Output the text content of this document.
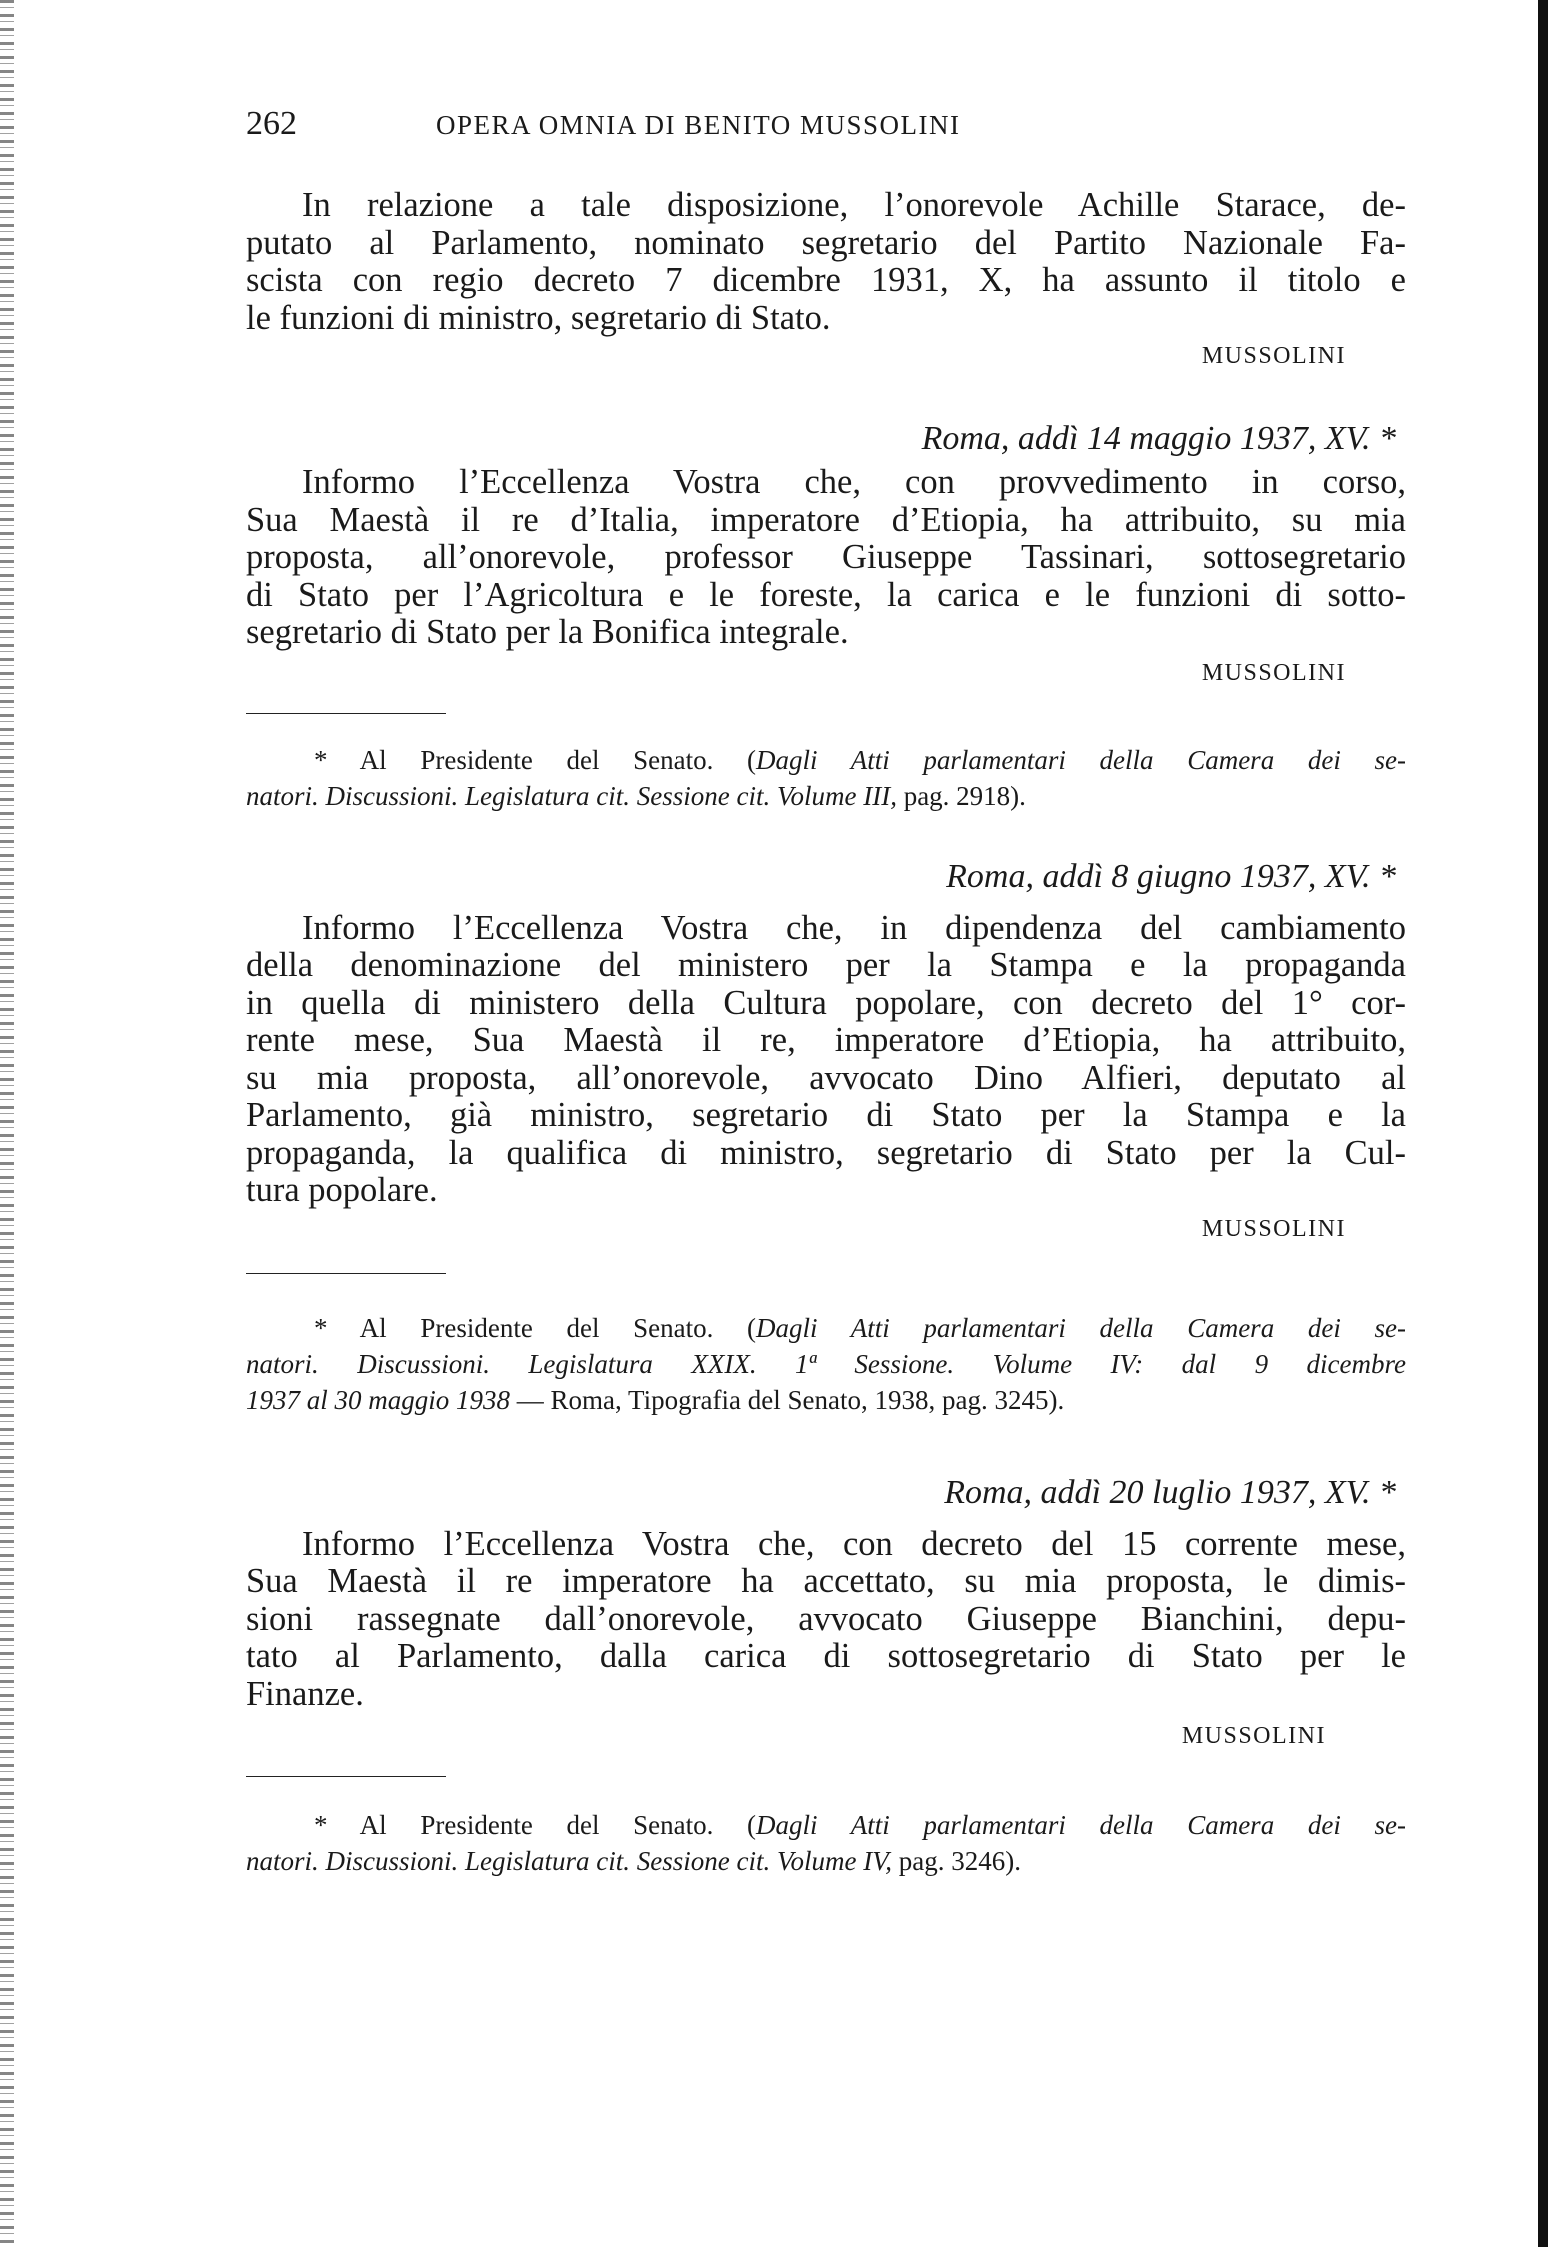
262	OPERA OMNIA DI BENITO MUSSOLINI

In relazione a tale disposizione, l’onorevole Achille Starace, de-
putato al Parlamento, nominato segretario del Partito Nazionale Fa-
scista con regio decreto 7 dicembre 1931, X, ha assunto il titolo e
le funzioni di ministro, segretario di Stato.

MUSSOLINI
Roma, addì 14 maggio 1937, XV. *

Informo l’Eccellenza Vostra che, con provvedimento in corso,
Sua Maestà il re d’Italia, imperatore d’Etiopia, ha attribuito, su mia
proposta, all’onorevole, professor Giuseppe Tassinari, sottosegretario
di Stato per l’Agricoltura e le foreste, la carica e le funzioni di sotto-
segretario di Stato per la Bonifica integrale.

MUSSOLINI

* Al Presidente del Senato. (Dagli Atti parlamentari della Camera dei se-
natori. Discussioni. Legislatura cit. Sessione cit. Volume III, pag. 2918).

Roma, addì 8 giugno 1937, XV. *

Informo l’Eccellenza Vostra che, in dipendenza del cambiamento
della denominazione del ministero per la Stampa e la propaganda
in quella di ministero della Cultura popolare, con decreto del 1° cor-
rente mese, Sua Maestà il re, imperatore d’Etiopia, ha attribuito,
su mia proposta, all’onorevole, avvocato Dino Alfieri, deputato al
Parlamento, già ministro, segretario di Stato per la Stampa e la
propaganda, la qualifica di ministro, segretario di Stato per la Cul-
tura popolare.

MUSSOLINI

* Al Presidente del Senato. (Dagli Atti parlamentari della Camera dei se-
natori. Discussioni. Legislatura XXIX. 1ª Sessione. Volume IV: dal 9 dicembre
1937 al 30 maggio 1938 — Roma, Tipografia del Senato, 1938, pag. 3245).

Roma, addì 20 luglio 1937, XV. *

Informo l’Eccellenza Vostra che, con decreto del 15 corrente mese,
Sua Maestà il re imperatore ha accettato, su mia proposta, le dimis-
sioni rassegnate dall’onorevole, avvocato Giuseppe Bianchini, depu-
tato al Parlamento, dalla carica di sottosegretario di Stato per le
Finanze.

MUSSOLINI

* Al Presidente del Senato. (Dagli Atti parlamentari della Camera dei se-
natori. Discussioni. Legislatura cit. Sessione cit. Volume IV, pag. 3246).
